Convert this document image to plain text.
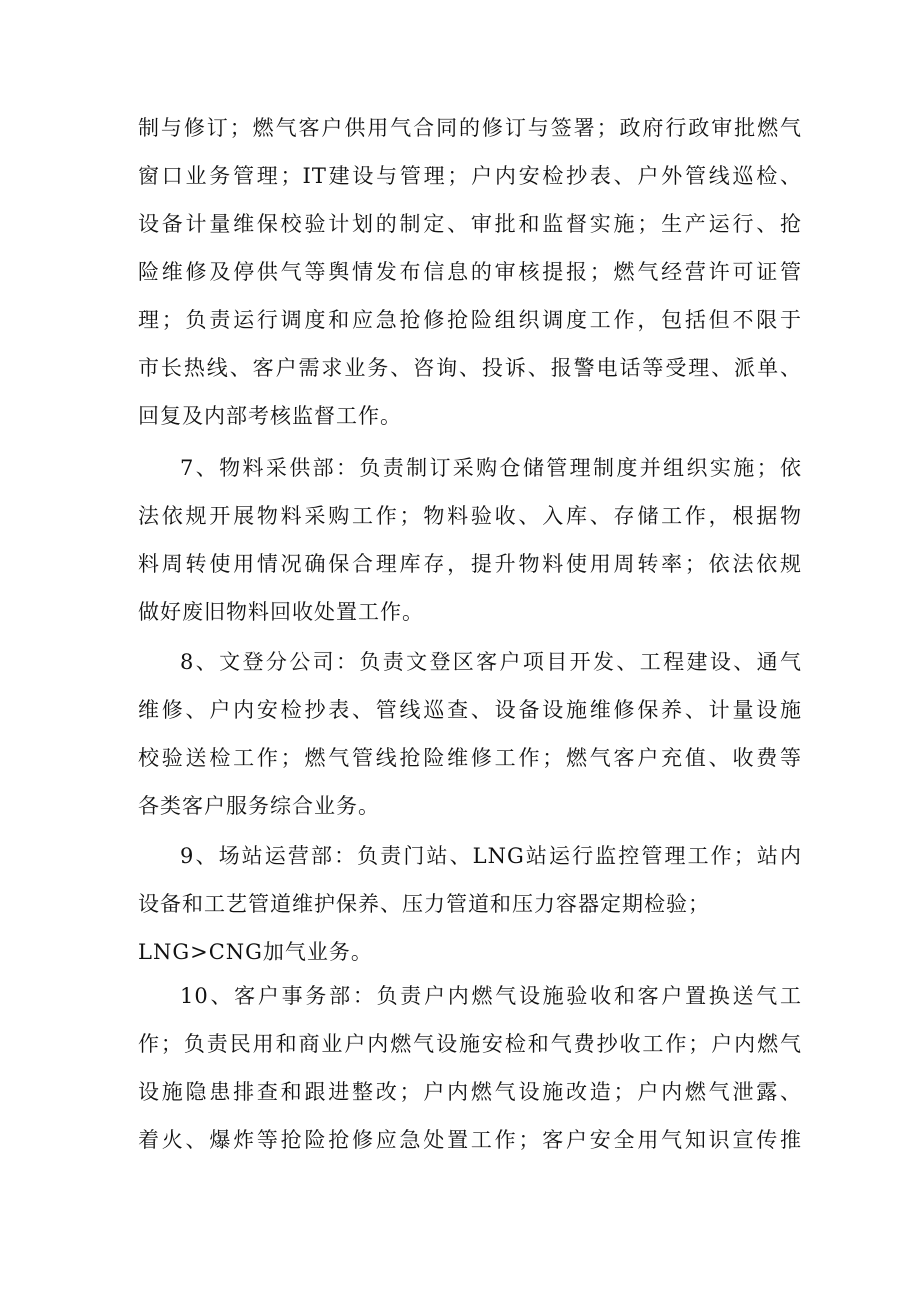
制与修订；燃气客户供用气合同的修订与签署；政府行政审批燃气
窗口业务管理；IT建设与管理；户内安检抄表、户外管线巡检、
设备计量维保校验计划的制定、审批和监督实施；生产运行、抢
险维修及停供气等舆情发布信息的审核提报；燃气经营许可证管
理；负责运行调度和应急抢修抢险组织调度工作，包括但不限于
市长热线、客户需求业务、咨询、投诉、报警电话等受理、派单、
回复及内部考核监督工作。
7、物料采供部：负责制订采购仓储管理制度并组织实施；依
法依规开展物料采购工作；物料验收、入库、存储工作，根据物
料周转使用情况确保合理库存，提升物料使用周转率；依法依规
做好废旧物料回收处置工作。
8、文登分公司：负责文登区客户项目开发、工程建设、通气
维修、户内安检抄表、管线巡查、设备设施维修保养、计量设施
校验送检工作；燃气管线抢险维修工作；燃气客户充值、收费等
各类客户服务综合业务。
9、场站运营部：负责门站、LNG站运行监控管理工作；站内
设备和工艺管道维护保养、压力管道和压力容器定期检验；
LNG>CNG加气业务。
10、客户事务部：负责户内燃气设施验收和客户置换送气工
作；负责民用和商业户内燃气设施安检和气费抄收工作；户内燃气
设施隐患排查和跟进整改；户内燃气设施改造；户内燃气泄露、
着火、爆炸等抢险抢修应急处置工作；客户安全用气知识宣传推
